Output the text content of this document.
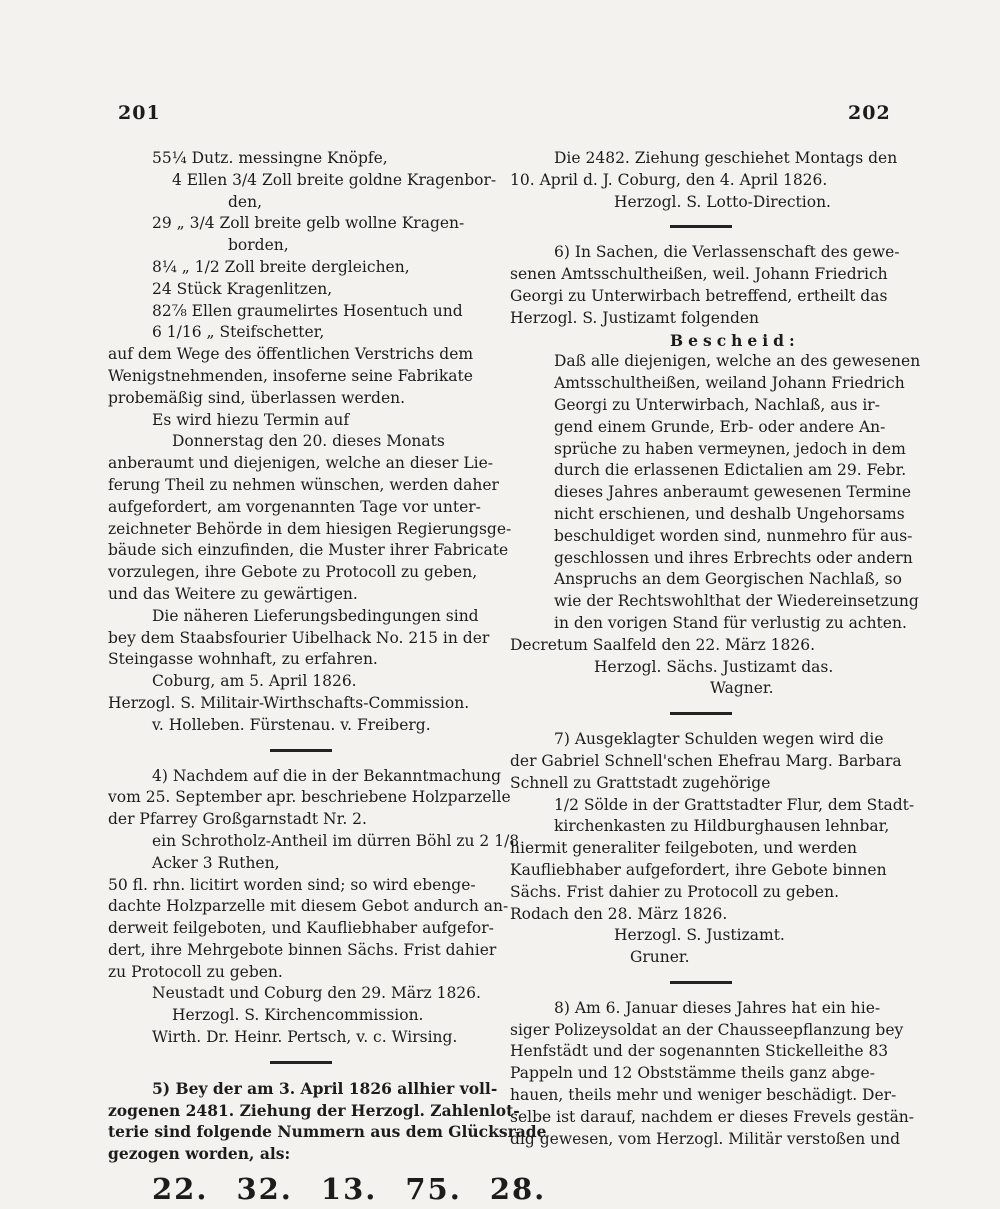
201	202
55¼ Dutz. messingne Knöpfe,
4 Ellen 3/4 Zoll breite goldne Kragenbor-
den,
29 „ 3/4 Zoll breite gelb wollne Kragen-
borden,
8¼ „ 1/2 Zoll breite dergleichen,
24 Stück Kragenlitzen,
82⅞ Ellen graumelirtes Hosentuch und
6 1/16 „ Steifschetter,
auf dem Wege des öffentlichen Verstrichs dem
Wenigstnehmenden, insoferne seine Fabrikate
probemäßig sind, überlassen werden.
Es wird hiezu Termin auf
Donnerstag den 20. dieses Monats
anberaumt und diejenigen, welche an dieser Lie-
ferung Theil zu nehmen wünschen, werden daher
aufgefordert, am vorgenannten Tage vor unter-
zeichneter Behörde in dem hiesigen Regierungsge-
bäude sich einzufinden, die Muster ihrer Fabricate
vorzulegen, ihre Gebote zu Protocoll zu geben,
und das Weitere zu gewärtigen.
Die näheren Lieferungsbedingungen sind
bey dem Staabsfourier Uibelhack No. 215 in der
Steingasse wohnhaft, zu erfahren.
Coburg, am 5. April 1826.
Herzogl. S. Militair-Wirthschafts-Commission.
v. Holleben. Fürstenau. v. Freiberg.
4) Nachdem auf die in der Bekanntmachung
vom 25. September apr. beschriebene Holzparzelle
der Pfarrey Großgarnstadt Nr. 2.
ein Schrotholz-Antheil im dürren Böhl zu 2 1/8
Acker 3 Ruthen,
50 fl. rhn. licitirt worden sind; so wird ebenge-
dachte Holzparzelle mit diesem Gebot andurch an-
derweit feilgeboten, und Kaufliebhaber aufgefor-
dert, ihre Mehrgebote binnen Sächs. Frist dahier
zu Protocoll zu geben.
Neustadt und Coburg den 29. März 1826.
Herzogl. S. Kirchencommission.
Wirth. Dr. Heinr. Pertsch, v. c. Wirsing.
5) Bey der am 3. April 1826 allhier voll-
zogenen 2481. Ziehung der Herzogl. Zahlenlot-
terie sind folgende Nummern aus dem Glücksrade
gezogen worden, als:
22. 32. 13. 75. 28.
Die 2482. Ziehung geschiehet Montags den
10. April d. J. Coburg, den 4. April 1826.
Herzogl. S. Lotto-Direction.
6) In Sachen, die Verlassenschaft des gewe-
senen Amtsschultheißen, weil. Johann Friedrich
Georgi zu Unterwirbach betreffend, ertheilt das
Herzogl. S. Justizamt folgenden
Bescheid:
Daß alle diejenigen, welche an des gewesenen
Amtsschultheißen, weiland Johann Friedrich
Georgi zu Unterwirbach, Nachlaß, aus ir-
gend einem Grunde, Erb- oder andere An-
sprüche zu haben vermeynen, jedoch in dem
durch die erlassenen Edictalien am 29. Febr.
dieses Jahres anberaumt gewesenen Termine
nicht erschienen, und deshalb Ungehorsams
beschuldiget worden sind, nunmehro für aus-
geschlossen und ihres Erbrechts oder andern
Anspruchs an dem Georgischen Nachlaß, so
wie der Rechtswohlthat der Wiedereinsetzung
in den vorigen Stand für verlustig zu achten.
Decretum Saalfeld den 22. März 1826.
Herzogl. Sächs. Justizamt das.
Wagner.
7) Ausgeklagter Schulden wegen wird die
der Gabriel Schnell'schen Ehefrau Marg. Barbara
Schnell zu Grattstadt zugehörige
1/2 Sölde in der Grattstadter Flur, dem Stadt-
kirchenkasten zu Hildburghausen lehnbar,
hiermit generaliter feilgeboten, und werden
Kaufliebhaber aufgefordert, ihre Gebote binnen
Sächs. Frist dahier zu Protocoll zu geben.
Rodach den 28. März 1826.
Herzogl. S. Justizamt.
Gruner.
8) Am 6. Januar dieses Jahres hat ein hie-
siger Polizeysoldat an der Chausseepflanzung bey
Henfstädt und der sogenannten Stickelleithe 83
Pappeln und 12 Obststämme theils ganz abge-
hauen, theils mehr und weniger beschädigt. Der-
selbe ist darauf, nachdem er dieses Frevels gestän-
dig gewesen, vom Herzogl. Militär verstoßen und
